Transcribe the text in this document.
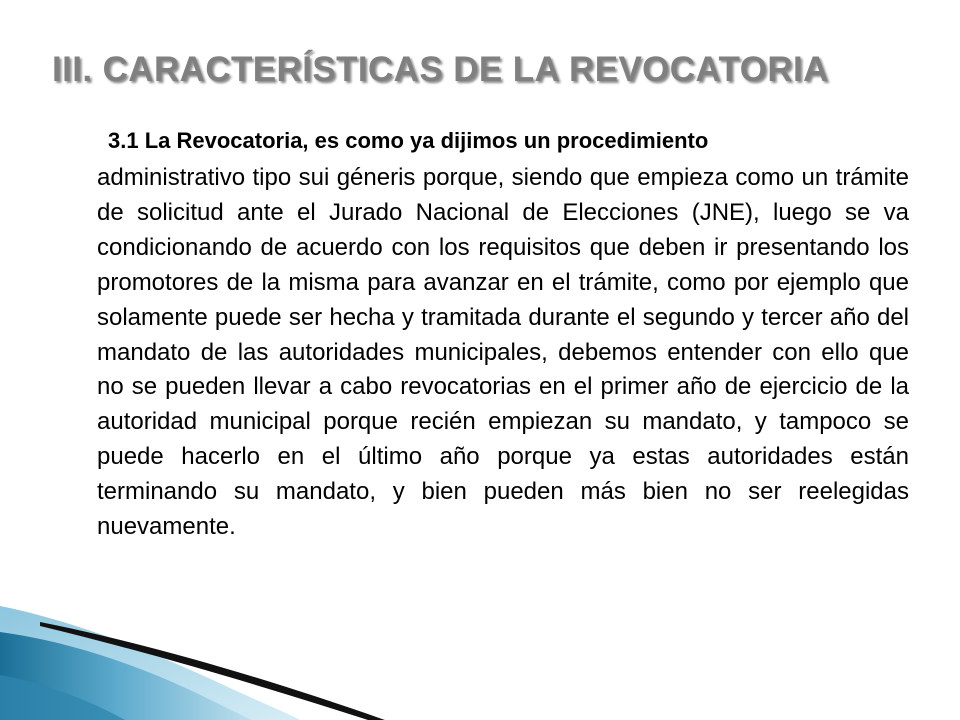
III. CARACTERÍSTICAS DE LA REVOCATORIA
3.1 La Revocatoria, es como ya dijimos un procedimiento
administrativo tipo sui géneris porque, siendo que empieza como un trámite de solicitud ante el Jurado Nacional de Elecciones (JNE), luego se va condicionando de acuerdo con los requisitos que deben ir presentando los promotores de la misma para avanzar en el trámite, como por ejemplo que solamente puede ser hecha y tramitada durante el segundo y tercer año del mandato de las autoridades municipales, debemos entender con ello que no se pueden llevar a cabo revocatorias en el primer año de ejercicio de la autoridad municipal porque recién empiezan su mandato, y tampoco se puede hacerlo en el último año porque ya estas autoridades están terminando su mandato, y bien pueden más bien no ser reelegidas nuevamente.
